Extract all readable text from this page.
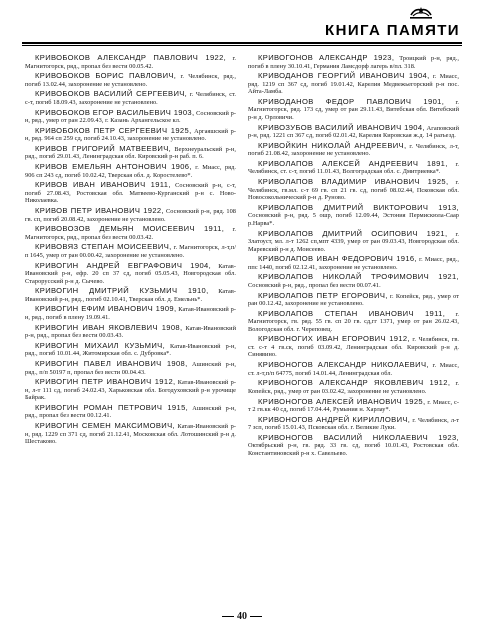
КНИГА ПАМЯТИ

КРИВОБОКОВ АЛЕКСАНДР ПАВЛОВИЧ 1922, г. Магнитогорск, ряд., пропал без вести 00.05.42.

КРИВОБОКОВ БОРИС ПАВЛОВИЧ, г. Челябинск, ряд., погиб 13.02.44, захоронение не установлено.

КРИВОБОКОВ ВАСИЛИЙ СЕРГЕЕВИЧ, г. Челябинск, ст. с-т, погиб 18.09.43, захоронение не установлено.

КРИВОБОКОВ ЕГОР ВАСИЛЬЕВИЧ 1903, Сосновский р-н, ряд., умер от ран 22.09.43, г. Казань Архангельское кл.

КРИВОБОКОВ ПЕТР СЕРГЕЕВИЧ 1925, Аргаяшский р-н, ряд. 964 сп 259 сд, погиб 24.10.43, захоронение не установлено.

КРИВОВ ГРИГОРИЙ МАТВЕЕВИЧ, Верхнеуральский р-н, ряд., погиб 29.01.43, Ленинградская обл. Кировский р-н раб. п. 6.

КРИВОВ ЕМЕЛЬЯН АНТОНОВИЧ 1906, г. Миасс, ряд. 906 сп 243 сд, погиб 10.02.42, Тверская обл. д. Коростелево*.

КРИВОВ ИВАН ИВАНОВИЧ 1911, Сосновский р-н, с-т, погиб 27.08.43, Ростовская обл. Матвеево-Курганский р-н с. Ново-Николаевка.

КРИВОВ ПЕТР ИВАНОВИЧ 1922, Сосновский р-н, ряд. 108 гв. сп, погиб 20.08.42, захоронение не установлено.

КРИВОВОЗОВ ДЕМЬЯН МОИСЕЕВИЧ 1911, г. Магнитогорск, ряд., пропал без вести 00.03.42.

КРИВОВЯЗ СТЕПАН МОИСЕЕВИЧ, г. Магнитогорск, л-т,п/п 1645, умер от ран 00.00.42, захоронение не установлено.

КРИВОГИН АНДРЕЙ ЕВГРАФОВИЧ 1904, Катав-Ивановский р-н, ефр. 20 сп 37 сд, погиб 05.05.43, Новгородская обл. Старорусский р-н д. Сычево.

КРИВОГИН ДМИТРИЙ КУЗЬМИЧ 1910, Катав-Ивановский р-н, ряд., погиб 02.10.41, Тверская обл. д. Емельнь*.

КРИВОГИН ЕФИМ ИВАНОВИЧ 1909, Катав-Ивановский р-н, ряд., погиб в плену 19.09.41.

КРИВОГИН ИВАН ЯКОВЛЕВИЧ 1908, Катав-Ивановский р-н, ряд., пропал без вести 00.03.43.

КРИВОГИН МИХАИЛ КУЗЬМИЧ, Катав-Ивановский р-н, ряд., погиб 10.01.44, Житомирская обл. с. Дубровка*.

КРИВОГИН ПАВЕЛ ИВАНОВИЧ 1908, Ашинский р-н, ряд., п/п 50197 п, пропал без вести 00.04.43.

КРИВОГИН ПЕТР ИВАНОВИЧ 1912, Катав-Ивановский р-н, л-т 111 сд, погиб 24.02.43, Харьковская обл. Богодуховский р-н урочище Байрак.

КРИВОГИН РОМАН ПЕТРОВИЧ 1915, Ашинский р-н, ряд., пропал без вести 00.12.41.

КРИВОГИН СЕМЕН МАКСИМОВИЧ, Катав-Ивановский р-н, ряд. 1229 сп 371 сд, погиб 21.12.41, Московская обл. Лотошинский р-н д. Шестаково.

КРИВОГОНОВ АЛЕКСАНДР 1923, Троицкий р-н, ряд., погиб в плену 30.10.41, Германия Ламсдорф лагерь в/пл. 318.

КРИВОДАНОВ ГЕОРГИЙ ИВАНОВИЧ 1904, г. Миасс, ряд. 1219 сп 367 сд, погиб 19.01.42, Карелия Медвежьегорский р-н пос. Айта-Ламба.

КРИВОДАНОВ ФЕДОР ПАВЛОВИЧ 1901, г. Магнитогорск, ряд. 173 сд, умер от ран 29.11.43, Витебская обл. Витебский р-н д. Орловичи.

КРИВОЗУБОВ ВАСИЛИЙ ИВАНОВИЧ 1904, Агаповский р-н, ряд. 1221 сп 367 сд, погиб 02.01.42, Карелия Кировская ж.д. 14 разъезд.

КРИВОЙКИН НИКОЛАЙ АНДРЕЕВИЧ, г. Челябинск, л-т, погиб 21.08.42, захоронение не установлено.

КРИВОЛАПОВ АЛЕКСЕЙ АНДРЕЕВИЧ 1891, г. Челябинск, ст. с-т, погиб 11.01.43, Волгоградская обл. с. Дмитриевка*.

КРИВОЛАПОВ ВЛАДИМИР ИВАНОВИЧ 1925, г. Челябинск, гв.мл. с-т 69 гв. сп 21 гв. сд, погиб 08.02.44, Псковская обл. Новосокольнический р-н д. Руново.

КРИВОЛАПОВ ДМИТРИЙ ВИКТОРОВИЧ 1913, Сосновский р-н, ряд. 5 ошр, погиб 12.09.44, Эстония Пермискюла-Саар р.Нарва*.

КРИВОЛАПОВ ДМИТРИЙ ОСИПОВИЧ 1921, г. Златоуст, мл. л-т 1262 сп,мпт 4339, умер от ран 09.03.43, Новгородская обл. Маревский р-н д. Моисеево.

КРИВОЛАПОВ ИВАН ФЕДОРОВИЧ 1916, г. Миасс, ряд., ппс 1440, погиб 02.12.41, захоронение не установлено.

КРИВОЛАПОВ НИКОЛАЙ ТРОФИМОВИЧ 1921, Сосновский р-н, ряд., пропал без вести 00.07.41.

КРИВОЛАПОВ ПЕТР ЕГОРОВИЧ, г. Копейск, ряд., умер от ран 00.12.42, захоронение не установлено.

КРИВОЛАПОВ СТЕПАН ИВАНОВИЧ 1911, г. Магнитогорск, гв. ряд. 55 гв. сп 20 гв. сд,гг 1371, умер от ран 26.02.43, Вологодская обл. г. Череповец.

КРИВОНОГИХ ИВАН ЕГОРОВИЧ 1912, г. Челябинск, гв. ст. с-т 4 гв.ск, погиб 03.09.42, Ленинградская обл. Кировский р-н д. Синявино.

КРИВОНОГОВ АЛЕКСАНДР НИКОЛАЕВИЧ, г. Миасс, ст. л-т,п/п 64775, погиб 14.01.44, Ленинградская обл.

КРИВОНОГОВ АЛЕКСАНДР ЯКОВЛЕВИЧ 1912, г. Копейск, ряд., умер от ран 03.02.42, захоронение не установлено.

КРИВОНОГОВ АЛЕКСЕЙ ИВАНОВИЧ 1925, г. Миасс, с-т 2 гв.кк 40 сд, погиб 17.04.44, Румыния н. Харлау*.

КРИВОНОГОВ АНДРЕЙ КИРИЛЛОВИЧ, г. Челябинск, л-т 7 зсп, погиб 15.01.43, Псковская обл. г. Великие Луки.

КРИВОНОГОВ ВАСИЛИЙ НИКОЛАЕВИЧ 1923, Октябрьский р-н, гв. ряд. 33 гв. сд, погиб 10.01.43, Ростовская обл. Константиновский р-н х. Савельево.

40
